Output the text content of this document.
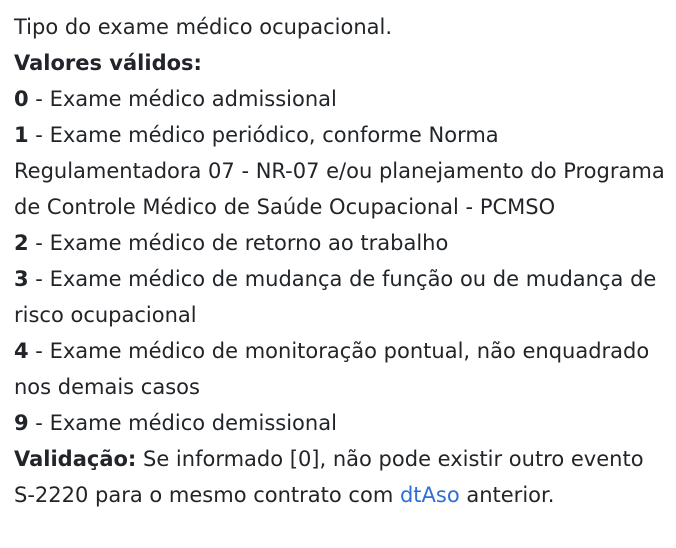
Tipo do exame médico ocupacional.

Valores válidos:

0 - Exame médico admissional

1 - Exame médico periódico, conforme Norma Regulamentadora 07 - NR-07 e/ou planejamento do Programa de Controle Médico de Saúde Ocupacional - PCMSO

2 - Exame médico de retorno ao trabalho

3 - Exame médico de mudança de função ou de mudança de risco ocupacional

4 - Exame médico de monitoração pontual, não enquadrado nos demais casos

9 - Exame médico demissional

Validação: Se informado [0], não pode existir outro evento S-2220 para o mesmo contrato com dtAso anterior.
